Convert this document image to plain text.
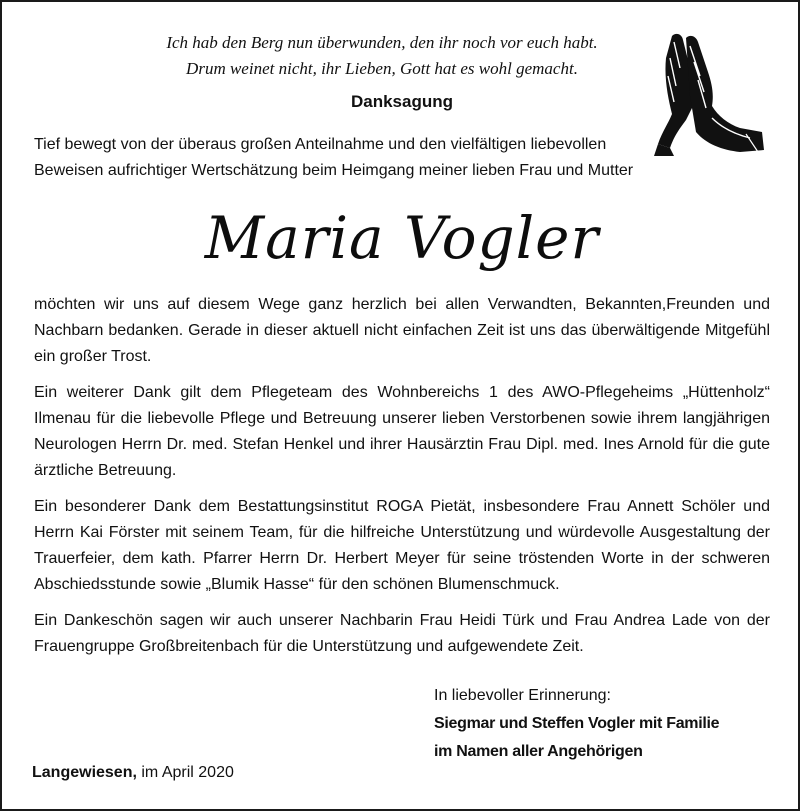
Ich hab den Berg nun überwunden, den ihr noch vor euch habt.
Drum weinet nicht, ihr Lieben, Gott hat es wohl gemacht.
Danksagung
Tief bewegt von der überaus großen Anteilnahme und den vielfältigen liebevollen
Beweisen aufrichtiger Wertschätzung beim Heimgang meiner lieben Frau und Mutter
Maria Vogler

möchten wir uns auf diesem Wege ganz herzlich bei allen Verwandten, Bekannten,Freunden und Nachbarn bedanken. Gerade in dieser aktuell nicht einfachen Zeit ist uns das überwältigende Mitgefühl ein großer Trost.

Ein weiterer Dank gilt dem Pflegeteam des Wohnbereichs 1 des AWO-Pflegeheims „Hüttenholz“ Ilmenau für die liebevolle Pflege und Betreuung unserer lieben Verstorbenen sowie ihrem langjährigen Neurologen Herrn Dr. med. Stefan Henkel und ihrer Hausärztin Frau Dipl. med. Ines Arnold für die gute ärztliche Betreuung.

Ein besonderer Dank dem Bestattungsinstitut ROGA Pietät, insbesondere Frau Annett Schöler und Herrn Kai Förster mit seinem Team, für die hilfreiche Unterstützung und würdevolle Ausgestaltung der Trauerfeier, dem kath. Pfarrer Herrn Dr. Herbert Meyer für seine tröstenden Worte in der schweren Abschiedsstunde sowie „Blumik Hasse“ für den schönen Blumenschmuck.

Ein Dankeschön sagen wir auch unserer Nachbarin Frau Heidi Türk und Frau Andrea Lade von der Frauengruppe Großbreitenbach für die Unterstützung und aufgewendete Zeit.

In liebevoller Erinnerung:
Siegmar und Steffen Vogler mit Familie
im Namen aller Angehörigen
Langewiesen, im April 2020
